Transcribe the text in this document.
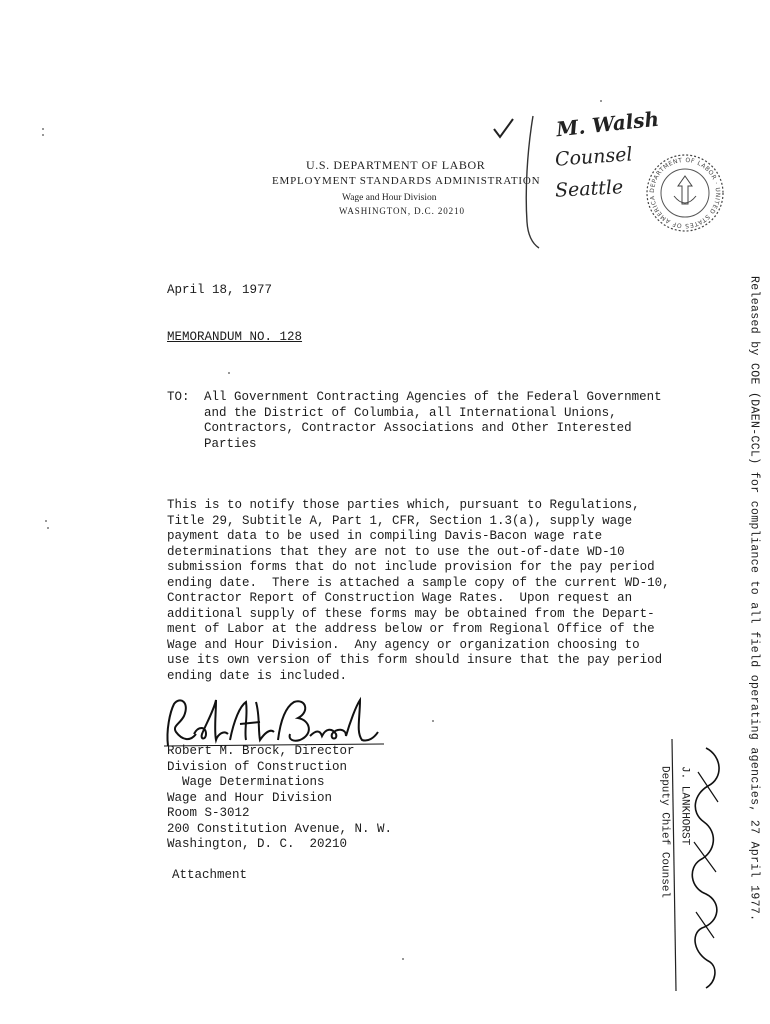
U.S. DEPARTMENT OF LABOR
EMPLOYMENT STANDARDS ADMINISTRATION
Wage and Hour Division
WASHINGTON, D.C. 20210
M. Walsh
Counsel
Seattle	DEPARTMENT OF LABOR · UNITED STATES OF AMERICA
April 18, 1977
MEMORANDUM NO. 128
TO: All Government Contracting Agencies of the Federal Government
and the District of Columbia, all International Unions,
Contractors, Contractor Associations and Other Interested
Parties
This is to notify those parties which, pursuant to Regulations,
Title 29, Subtitle A, Part 1, CFR, Section 1.3(a), supply wage
payment data to be used in compiling Davis-Bacon wage rate
determinations that they are not to use the out-of-date WD-10
submission forms that do not include provision for the pay period
ending date.  There is attached a sample copy of the current WD-10,
Contractor Report of Construction Wage Rates.  Upon request an
additional supply of these forms may be obtained from the Depart-
ment of Labor at the address below or from Regional Office of the
Wage and Hour Division.  Any agency or organization choosing to
use its own version of this form should insure that the pay period
ending date is included.
Robert M. Brock, Director
Division of Construction
Wage Determinations
Wage and Hour Division
Room S-3012
200 Constitution Avenue, N. W.
Washington, D. C.  20210
Attachment	Released by COE (DAEN-CCL) for compliance to all field operating agencies, 27 April 1977.
J. LANKHORST
Deputy Chief Counsel
